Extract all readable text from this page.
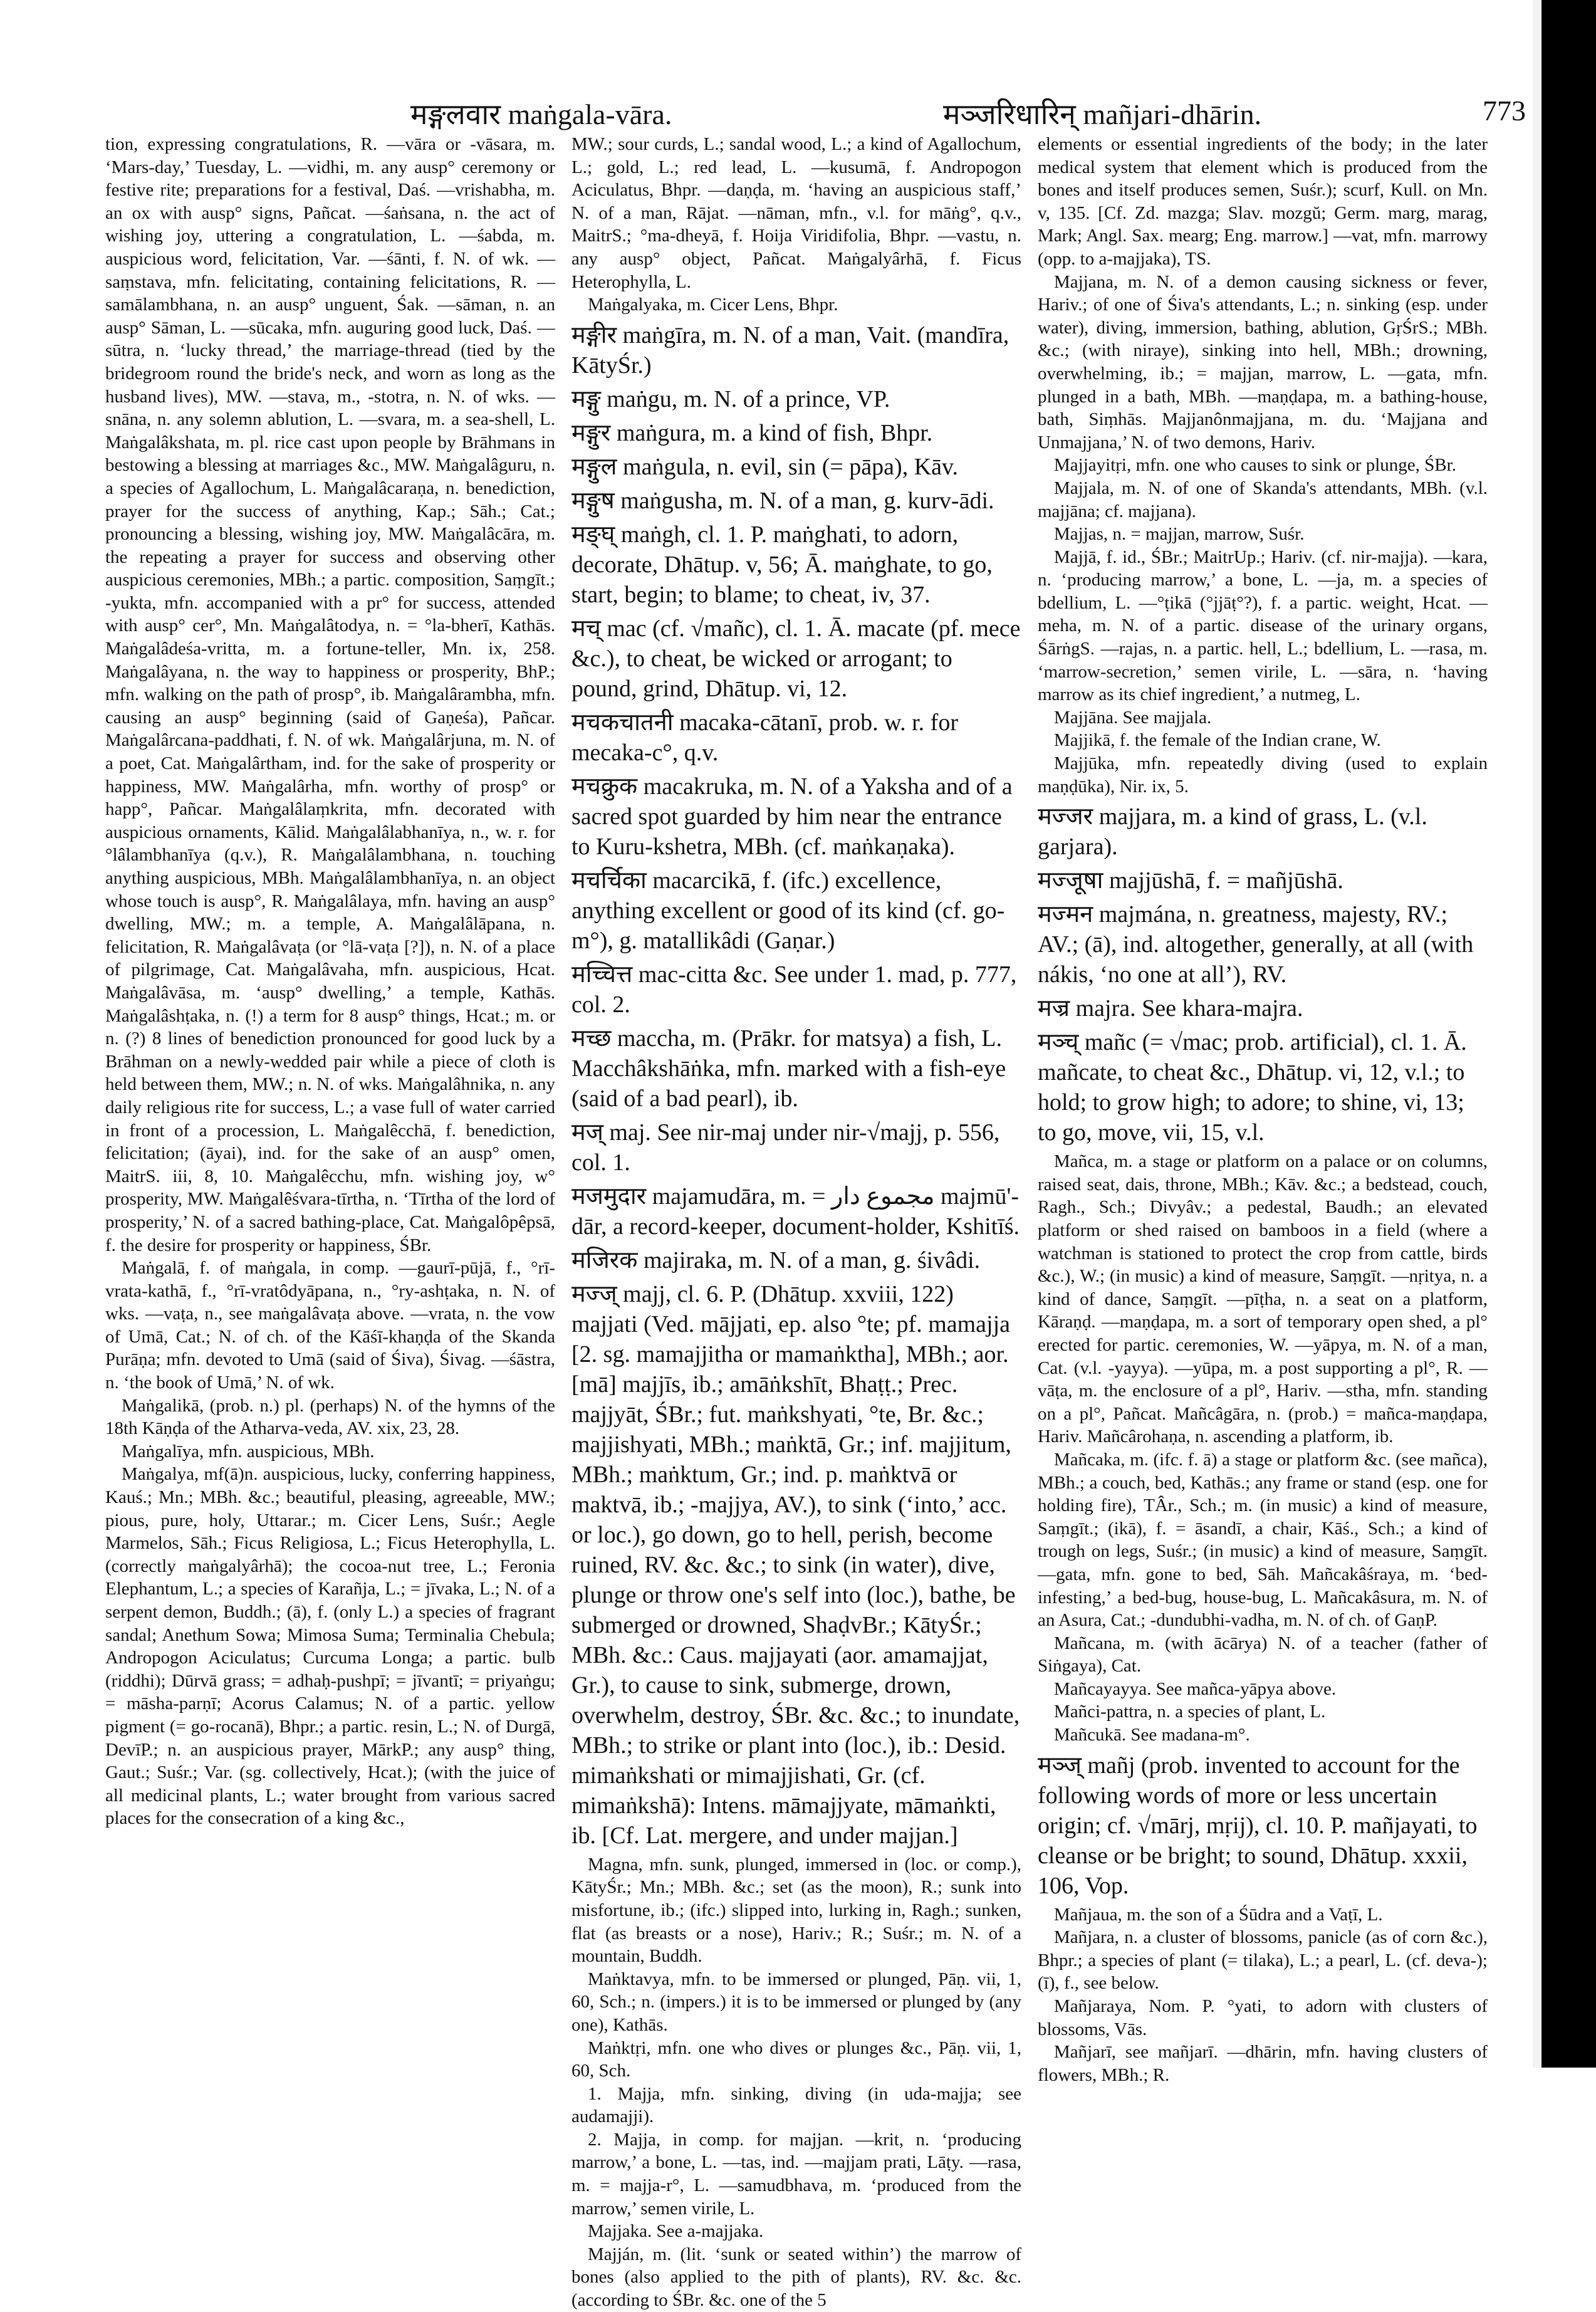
मङ्गलवार maṅgala-vāra.	मञ्जरिधारिन् mañjari-dhārin.	773

tion, expressing congratulations, R. —vāra or -vāsara, m. ‘Mars-day,’ Tuesday, L. —vidhi, m. any ausp° ceremony or festive rite; preparations for a festival, Daś. —vrishabha, m. an ox with ausp° signs, Pañcat. —śaṅsana, n. the act of wishing joy, uttering a congratulation, L. —śabda, m. auspicious word, felicitation, Var. —śānti, f. N. of wk. —saṃstava, mfn. felicitating, containing felicitations, R. —samālambhana, n. an ausp° unguent, Śak. —sāman, n. an ausp° Sāman, L. —sūcaka, mfn. auguring good luck, Daś. —sūtra, n. ‘lucky thread,’ the marriage-thread (tied by the bridegroom round the bride's neck, and worn as long as the husband lives), MW. —stava, m., -stotra, n. N. of wks. —snāna, n. any solemn ablution, L. —svara, m. a sea-shell, L. Maṅgalâkshata, m. pl. rice cast upon people by Brāhmans in bestowing a blessing at marriages &c., MW. Maṅgalâguru, n. a species of Agallochum, L. Maṅgalâcaraṇa, n. benediction, prayer for the success of anything, Kap.; Sāh.; Cat.; pronouncing a blessing, wishing joy, MW. Maṅgalâcāra, m. the repeating a prayer for success and observing other auspicious ceremonies, MBh.; a partic. composition, Saṃgīt.; -yukta, mfn. accompanied with a pr° for success, attended with ausp° cer°, Mn. Maṅgalâtodya, n. = °la-bherī, Kathās. Maṅgalâdeśa-vritta, m. a fortune-teller, Mn. ix, 258. Maṅgalâyana, n. the way to happiness or prosperity, BhP.; mfn. walking on the path of prosp°, ib. Maṅgalârambha, mfn. causing an ausp° beginning (said of Gaṇeśa), Pañcar. Maṅgalârcana-paddhati, f. N. of wk. Maṅgalârjuna, m. N. of a poet, Cat. Maṅgalârtham, ind. for the sake of prosperity or happiness, MW. Maṅgalârha, mfn. worthy of prosp° or happ°, Pañcar. Maṅgalâlaṃkrita, mfn. decorated with auspicious ornaments, Kālid. Maṅgalâlabhanīya, n., w. r. for °lâlambhanīya (q.v.), R. Maṅgalâlambhana, n. touching anything auspicious, MBh. Maṅgalâlambhanīya, n. an object whose touch is ausp°, R. Maṅgalâlaya, mfn. having an ausp° dwelling, MW.; m. a temple, A. Maṅgalâlāpana, n. felicitation, R. Maṅgalâvaṭa (or °lā-vaṭa [?]), n. N. of a place of pilgrimage, Cat. Maṅgalâvaha, mfn. auspicious, Hcat. Maṅgalâvāsa, m. ‘ausp° dwelling,’ a temple, Kathās. Maṅgalâshṭaka, n. (!) a term for 8 ausp° things, Hcat.; m. or n. (?) 8 lines of benediction pronounced for good luck by a Brāhman on a newly-wedded pair while a piece of cloth is held between them, MW.; n. N. of wks. Maṅgalâhnika, n. any daily religious rite for success, L.; a vase full of water carried in front of a procession, L. Maṅgalêcchā, f. benediction, felicitation; (āyai), ind. for the sake of an ausp° omen, MaitrS. iii, 8, 10. Maṅgalêcchu, mfn. wishing joy, w° prosperity, MW. Maṅgalêśvara-tīrtha, n. ‘Tīrtha of the lord of prosperity,’ N. of a sacred bathing-place, Cat. Maṅgalôpêpsā, f. the desire for prosperity or happiness, ŚBr.

Maṅgalā, f. of maṅgala, in comp. —gaurī-pūjā, f., °rī-vrata-kathā, f., °rī-vratôdyāpana, n., °ry-ashṭaka, n. N. of wks. —vaṭa, n., see maṅgalâvaṭa above. —vrata, n. the vow of Umā, Cat.; N. of ch. of the Kāśī-khaṇḍa of the Skanda Purāṇa; mfn. devoted to Umā (said of Śiva), Śivag. —śāstra, n. ‘the book of Umā,’ N. of wk.

Maṅgalikā, (prob. n.) pl. (perhaps) N. of the hymns of the 18th Kāṇḍa of the Atharva-veda, AV. xix, 23, 28.

Maṅgalīya, mfn. auspicious, MBh.

Maṅgalya, mf(ā)n. auspicious, lucky, conferring happiness, Kauś.; Mn.; MBh. &c.; beautiful, pleasing, agreeable, MW.; pious, pure, holy, Uttarar.; m. Cicer Lens, Suśr.; Aegle Marmelos, Sāh.; Ficus Religiosa, L.; Ficus Heterophylla, L. (correctly maṅgalyârhā); the cocoa-nut tree, L.; Feronia Elephantum, L.; a species of Karañja, L.; = jīvaka, L.; N. of a serpent demon, Buddh.; (ā), f. (only L.) a species of fragrant sandal; Anethum Sowa; Mimosa Suma; Terminalia Chebula; Andropogon Aciculatus; Curcuma Longa; a partic. bulb (riddhi); Dūrvā grass; = adhaḥ-pushpī; = jīvantī; = priyaṅgu; = māsha-parṇī; Acorus Calamus; N. of a partic. yellow pigment (= go-rocanā), Bhpr.; a partic. resin, L.; N. of Durgā, DevīP.; n. an auspicious prayer, MārkP.; any ausp° thing, Gaut.; Suśr.; Var. (sg. collectively, Hcat.); (with the juice of all medicinal plants, L.; water brought from various sacred places for the consecration of a king &c.,

MW.; sour curds, L.; sandal wood, L.; a kind of Agallochum, L.; gold, L.; red lead, L. —kusumā, f. Andropogon Aciculatus, Bhpr. —daṇḍa, m. ‘having an auspicious staff,’ N. of a man, Rājat. —nāman, mfn., v.l. for māṅg°, q.v., MaitrS.; °ma-dheyā, f. Hoija Viridifolia, Bhpr. —vastu, n. any ausp° object, Pañcat. Maṅgalyârhā, f. Ficus Heterophylla, L.

Maṅgalyaka, m. Cicer Lens, Bhpr.

मङ्गीर maṅgīra, m. N. of a man, Vait. (mandīra, KātyŚr.)

मङ्गु maṅgu, m. N. of a prince, VP.

मङ्गुर maṅgura, m. a kind of fish, Bhpr.

मङ्गुल maṅgula, n. evil, sin (= pāpa), Kāv.

मङ्गुष maṅgusha, m. N. of a man, g. kurv-ādi.

मङ्घ् maṅgh, cl. 1. P. maṅghati, to adorn, decorate, Dhātup. v, 56; Ā. maṅghate, to go, start, begin; to blame; to cheat, iv, 37.

मच् mac (cf. √mañc), cl. 1. Ā. macate (pf. mece &c.), to cheat, be wicked or arrogant; to pound, grind, Dhātup. vi, 12.

मचकचातनी macaka-cātanī, prob. w. r. for mecaka-c°, q.v.

मचक्रुक macakruka, m. N. of a Yaksha and of a sacred spot guarded by him near the entrance to Kuru-kshetra, MBh. (cf. maṅkaṇaka).

मचर्चिका macarcikā, f. (ifc.) excellence, anything excellent or good of its kind (cf. go-m°), g. matallikâdi (Gaṇar.)

मच्चित्त mac-citta &c. See under 1. mad, p. 777, col. 2.

मच्छ maccha, m. (Prākr. for matsya) a fish, L. Macchâkshāṅka, mfn. marked with a fish-eye (said of a bad pearl), ib.

मज् maj. See nir-maj under nir-√majj, p. 556, col. 1.

मजमुदार majamudāra, m. = مجموع دار majmū'-dār, a record-keeper, document-holder, Kshitīś.

मजिरक majiraka, m. N. of a man, g. śivâdi.

मज्ज् majj, cl. 6. P. (Dhātup. xxviii, 122) majjati (Ved. mājjati, ep. also °te; pf. mamajja [2. sg. mamajjitha or mamaṅktha], MBh.; aor. [mā] majjīs, ib.; amāṅkshīt, Bhaṭṭ.; Prec. majjyāt, ŚBr.; fut. maṅkshyati, °te, Br. &c.; majjishyati, MBh.; maṅktā, Gr.; inf. majjitum, MBh.; maṅktum, Gr.; ind. p. maṅktvā or maktvā, ib.; -majjya, AV.), to sink (‘into,’ acc. or loc.), go down, go to hell, perish, become ruined, RV. &c. &c.; to sink (in water), dive, plunge or throw one's self into (loc.), bathe, be submerged or drowned, ShaḍvBr.; KātyŚr.; MBh. &c.: Caus. majjayati (aor. amamajjat, Gr.), to cause to sink, submerge, drown, overwhelm, destroy, ŚBr. &c. &c.; to inundate, MBh.; to strike or plant into (loc.), ib.: Desid. mimaṅkshati or mimajjishati, Gr. (cf. mimaṅkshā): Intens. māmajjyate, māmaṅkti, ib. [Cf. Lat. mergere, and under majjan.]

Magna, mfn. sunk, plunged, immersed in (loc. or comp.), KātyŚr.; Mn.; MBh. &c.; set (as the moon), R.; sunk into misfortune, ib.; (ifc.) slipped into, lurking in, Ragh.; sunken, flat (as breasts or a nose), Hariv.; R.; Suśr.; m. N. of a mountain, Buddh.

Maṅktavya, mfn. to be immersed or plunged, Pāṇ. vii, 1, 60, Sch.; n. (impers.) it is to be immersed or plunged by (any one), Kathās.

Maṅktṛi, mfn. one who dives or plunges &c., Pāṇ. vii, 1, 60, Sch.

1. Majja, mfn. sinking, diving (in uda-majja; see audamajji).

2. Majja, in comp. for majjan. —krit, n. ‘producing marrow,’ a bone, L. —tas, ind. —majjam prati, Lāṭy. —rasa, m. = majja-r°, L. —samudbhava, m. ‘produced from the marrow,’ semen virile, L.

Majjaka. See a-majjaka.

Majján, m. (lit. ‘sunk or seated within’) the marrow of bones (also applied to the pith of plants), RV. &c. &c. (according to ŚBr. &c. one of the 5

elements or essential ingredients of the body; in the later medical system that element which is produced from the bones and itself produces semen, Suśr.); scurf, Kull. on Mn. v, 135. [Cf. Zd. mazga; Slav. mozgŭ; Germ. marg, marag, Mark; Angl. Sax. mearg; Eng. marrow.] —vat, mfn. marrowy (opp. to a-majjaka), TS.

Majjana, m. N. of a demon causing sickness or fever, Hariv.; of one of Śiva's attendants, L.; n. sinking (esp. under water), diving, immersion, bathing, ablution, GṛŚrS.; MBh. &c.; (with niraye), sinking into hell, MBh.; drowning, overwhelming, ib.; = majjan, marrow, L. —gata, mfn. plunged in a bath, MBh. —maṇḍapa, m. a bathing-house, bath, Siṃhās. Majjanônmajjana, m. du. ‘Majjana and Unmajjana,’ N. of two demons, Hariv.

Majjayitṛi, mfn. one who causes to sink or plunge, ŚBr.

Majjala, m. N. of one of Skanda's attendants, MBh. (v.l. majjāna; cf. majjana).

Majjas, n. = majjan, marrow, Suśr.

Majjā, f. id., ŚBr.; MaitrUp.; Hariv. (cf. nir-majja). —kara, n. ‘producing marrow,’ a bone, L. —ja, m. a species of bdellium, L. —°ṭikā (°jjāṭ°?), f. a partic. weight, Hcat. —meha, m. N. of a partic. disease of the urinary organs, ŚārṅgS. —rajas, n. a partic. hell, L.; bdellium, L. —rasa, m. ‘marrow-secretion,’ semen virile, L. —sāra, n. ‘having marrow as its chief ingredient,’ a nutmeg, L.

Majjāna. See majjala.

Majjikā, f. the female of the Indian crane, W.

Majjūka, mfn. repeatedly diving (used to explain maṇḍūka), Nir. ix, 5.

मज्जर majjara, m. a kind of grass, L. (v.l. garjara).

मज्जूषा majjūshā, f. = mañjūshā.

मज्मन majmána, n. greatness, majesty, RV.; AV.; (ā), ind. altogether, generally, at all (with nákis, ‘no one at all’), RV.

मज्र majra. See khara-majra.

मञ्च् mañc (= √mac; prob. artificial), cl. 1. Ā. mañcate, to cheat &c., Dhātup. vi, 12, v.l.; to hold; to grow high; to adore; to shine, vi, 13; to go, move, vii, 15, v.l.

Mañca, m. a stage or platform on a palace or on columns, raised seat, dais, throne, MBh.; Kāv. &c.; a bedstead, couch, Ragh., Sch.; Divyâv.; a pedestal, Baudh.; an elevated platform or shed raised on bamboos in a field (where a watchman is stationed to protect the crop from cattle, birds &c.), W.; (in music) a kind of measure, Saṃgīt. —nṛitya, n. a kind of dance, Saṃgīt. —pīṭha, n. a seat on a platform, Kāraṇḍ. —maṇḍapa, m. a sort of temporary open shed, a pl° erected for partic. ceremonies, W. —yāpya, m. N. of a man, Cat. (v.l. -yayya). —yūpa, m. a post supporting a pl°, R. —vāṭa, m. the enclosure of a pl°, Hariv. —stha, mfn. standing on a pl°, Pañcat. Mañcâgāra, n. (prob.) = mañca-maṇḍapa, Hariv. Mañcârohaṇa, n. ascending a platform, ib.

Mañcaka, m. (ifc. f. ā) a stage or platform &c. (see mañca), MBh.; a couch, bed, Kathās.; any frame or stand (esp. one for holding fire), TÂr., Sch.; m. (in music) a kind of measure, Saṃgīt.; (ikā), f. = āsandī, a chair, Kāś., Sch.; a kind of trough on legs, Suśr.; (in music) a kind of measure, Saṃgīt. —gata, mfn. gone to bed, Sāh. Mañcakâśraya, m. ‘bed-infesting,’ a bed-bug, house-bug, L. Mañcakâsura, m. N. of an Asura, Cat.; -dundubhi-vadha, m. N. of ch. of GaṇP.

Mañcana, m. (with ācārya) N. of a teacher (father of Siṅgaya), Cat.

Mañcayayya. See mañca-yāpya above.

Mañci-pattra, n. a species of plant, L.

Mañcukā. See madana-m°.

मञ्ज् mañj (prob. invented to account for the following words of more or less uncertain origin; cf. √mārj, mṛij), cl. 10. P. mañjayati, to cleanse or be bright; to sound, Dhātup. xxxii, 106, Vop.

Mañjaua, m. the son of a Śūdra and a Vaṭī, L.

Mañjara, n. a cluster of blossoms, panicle (as of corn &c.), Bhpr.; a species of plant (= tilaka), L.; a pearl, L. (cf. deva-); (ī), f., see below.

Mañjaraya, Nom. P. °yati, to adorn with clusters of blossoms, Vās.

Mañjarī, see mañjarī. —dhārin, mfn. having clusters of flowers, MBh.; R.
